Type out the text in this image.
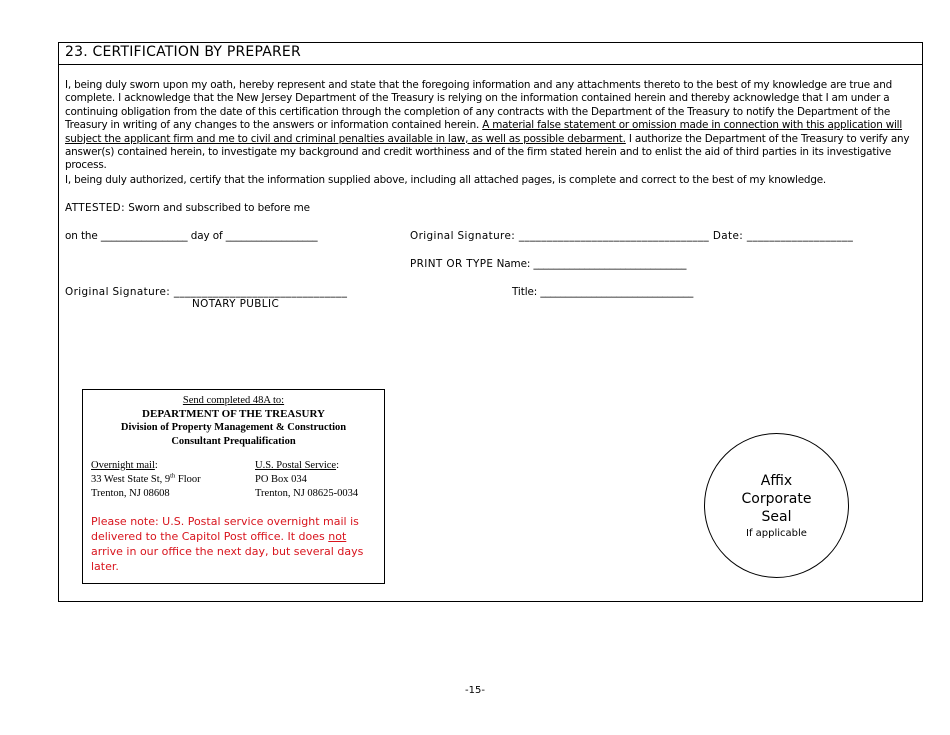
23. CERTIFICATION BY PREPARER
I, being duly sworn upon my oath, hereby represent and state that the foregoing information and any attachments thereto to the best of my knowledge are true and complete. I acknowledge that the New Jersey Department of the Treasury is relying on the information contained herein and thereby acknowledge that I am under a continuing obligation from the date of this certification through the completion of any contracts with the Department of the Treasury to notify the Department of the Treasury in writing of any changes to the answers or information contained herein. A material false statement or omission made in connection with this application will subject the applicant firm and me to civil and criminal penalties available in law, as well as possible debarment. I authorize the Department of the Treasury to verify any answer(s) contained herein, to investigate my background and credit worthiness and of the firm stated herein and to enlist the aid of third parties in its investigative process.
I, being duly authorized, certify that the information supplied above, including all attached pages, is complete and correct to the best of my knowledge.
ATTESTED: Sworn and subscribed to before me
on the _________________ day of __________________	Original Signature: __________________________________ Date: ___________________
PRINT OR TYPE Name: ______________________________
Original Signature: _______________________________
NOTARY PUBLIC
Title: ______________________________
Send completed 48A to:
DEPARTMENT OF THE TREASURY
Division of Property Management & Construction
Consultant Prequalification
Overnight mail:
33 West State St, 9th Floor
Trenton, NJ 08608
U.S. Postal Service:
PO Box 034
Trenton, NJ 08625-0034
Please note: U.S. Postal service overnight mail is delivered to the Capitol Post office. It does not arrive in our office the next day, but several days later.
Affix
Corporate
Seal
If applicable
-15-
